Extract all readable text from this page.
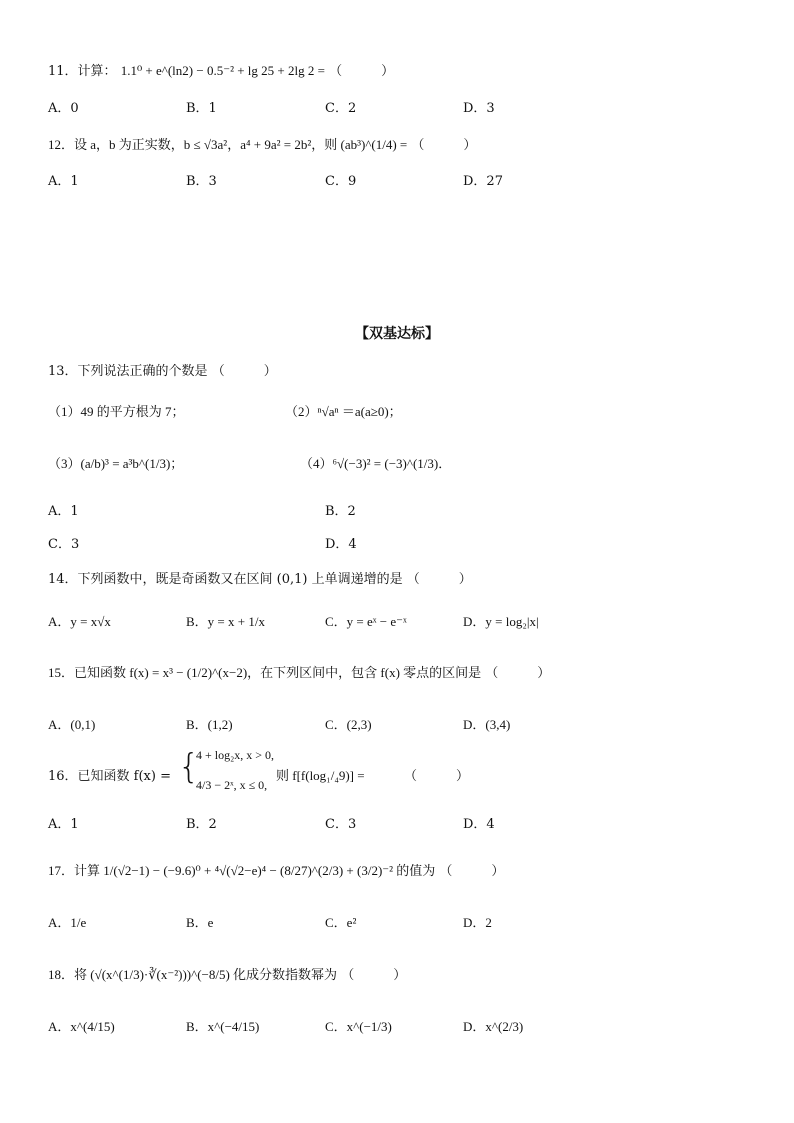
11．计算： 1.1⁰ + e^(ln2) − 0.5⁻² + lg 25 + 2lg 2 = （　　　）
A．0	B．1	C．2	D．3
12．设 a，b 为正实数，b ≤ √3a²，a⁴ + 9a² = 2b²，则 (ab³)^(1/4) = （　　　）
A．1	B．3	C．9	D．27
【双基达标】
13．下列说法正确的个数是 （　　　）
（1）49 的平方根为 7；	（2）ⁿ√aⁿ ＝a(a≥0)；
（3）(a/b)³ = a³b^(1/3)；	（4）⁶√(−3)² = (−3)^(1/3)．
A．1	B．2
C．3	D．4
14．下列函数中，既是奇函数又在区间 (0,1) 上单调递增的是 （　　　）
A．y = x√x	B．y = x + 1/x	C．y = eˣ − e⁻ˣ	D．y = log₂|x|
15．已知函数 f(x) = x³ − (1/2)^(x−2)，在下列区间中，包含 f(x) 零点的区间是 （　　　）
A．(0,1)	B．(1,2)	C．(2,3)	D．(3,4)
16．已知函数 f(x) = {
4 + log₂x, x > 0,
4/3 − 2ˣ, x ≤ 0,
则 f[f(log₁/₄9)] =	（　　　）
A．1	B．2	C．3	D．4
17．计算 1/(√2−1) − (−9.6)⁰ + ⁴√(√2−e)⁴ − (8/27)^(2/3) + (3/2)⁻² 的值为 （　　　）
A．1/e	B．e	C．e²	D．2
18．将 (√(x^(1/3)·∛(x⁻²)))^(−8/5) 化成分数指数幂为 （　　　）
A．x^(4/15)	B．x^(−4/15)	C．x^(−1/3)	D．x^(2/3)
